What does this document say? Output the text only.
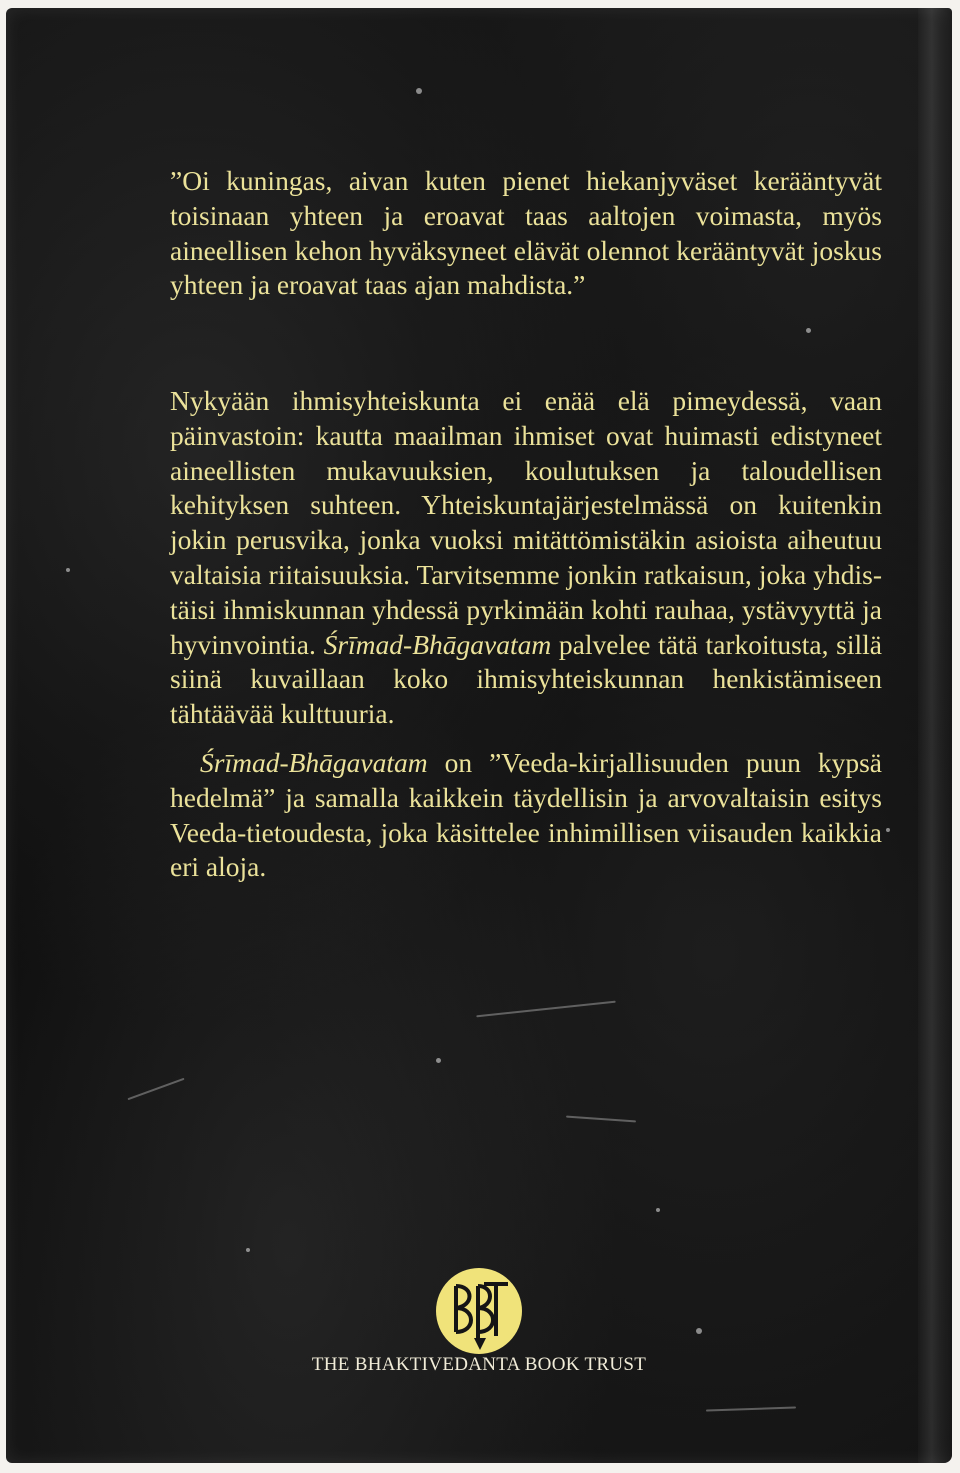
”Oi kuningas, aivan kuten pienet hiekanjyväset kerääntyvät toisinaan yhteen ja eroavat taas aaltojen voimasta, myös aineellisen kehon hyväksyneet elävät olennot kerääntyvät joskus yhteen ja eroavat taas ajan mahdista.”

Nykyään ihmisyhteiskunta ei enää elä pimeydessä, vaan päinvastoin: kautta maailman ihmiset ovat huimasti edistyneet aineellisten mukavuuksien, koulutuksen ja taloudellisen kehityksen suhteen. Yhteiskuntajärjestelmässä on kuitenkin jokin perusvika, jonka vuoksi mitättömistäkin asioista aiheutuu valtaisia riitaisuuksia. Tarvitsemme jonkin ratkaisun, joka yhdistäisi ihmiskunnan yhdessä pyrkimään kohti rauhaa, ystävyyttä ja hyvinvointia. Śrīmad-Bhāgavatam palvelee tätä tarkoitusta, sillä siinä kuvaillaan koko ihmisyhteiskunnan henkistämiseen tähtäävää kulttuuria.

Śrīmad-Bhāgavatam on ”Veeda-kirjallisuuden puun kypsä hedelmä” ja samalla kaikkein täydellisin ja arvovaltaisin esitys Veeda-tietoudesta, joka käsittelee inhimillisen viisauden kaikkia eri aloja.

THE BHAKTIVEDANTA BOOK TRUST
